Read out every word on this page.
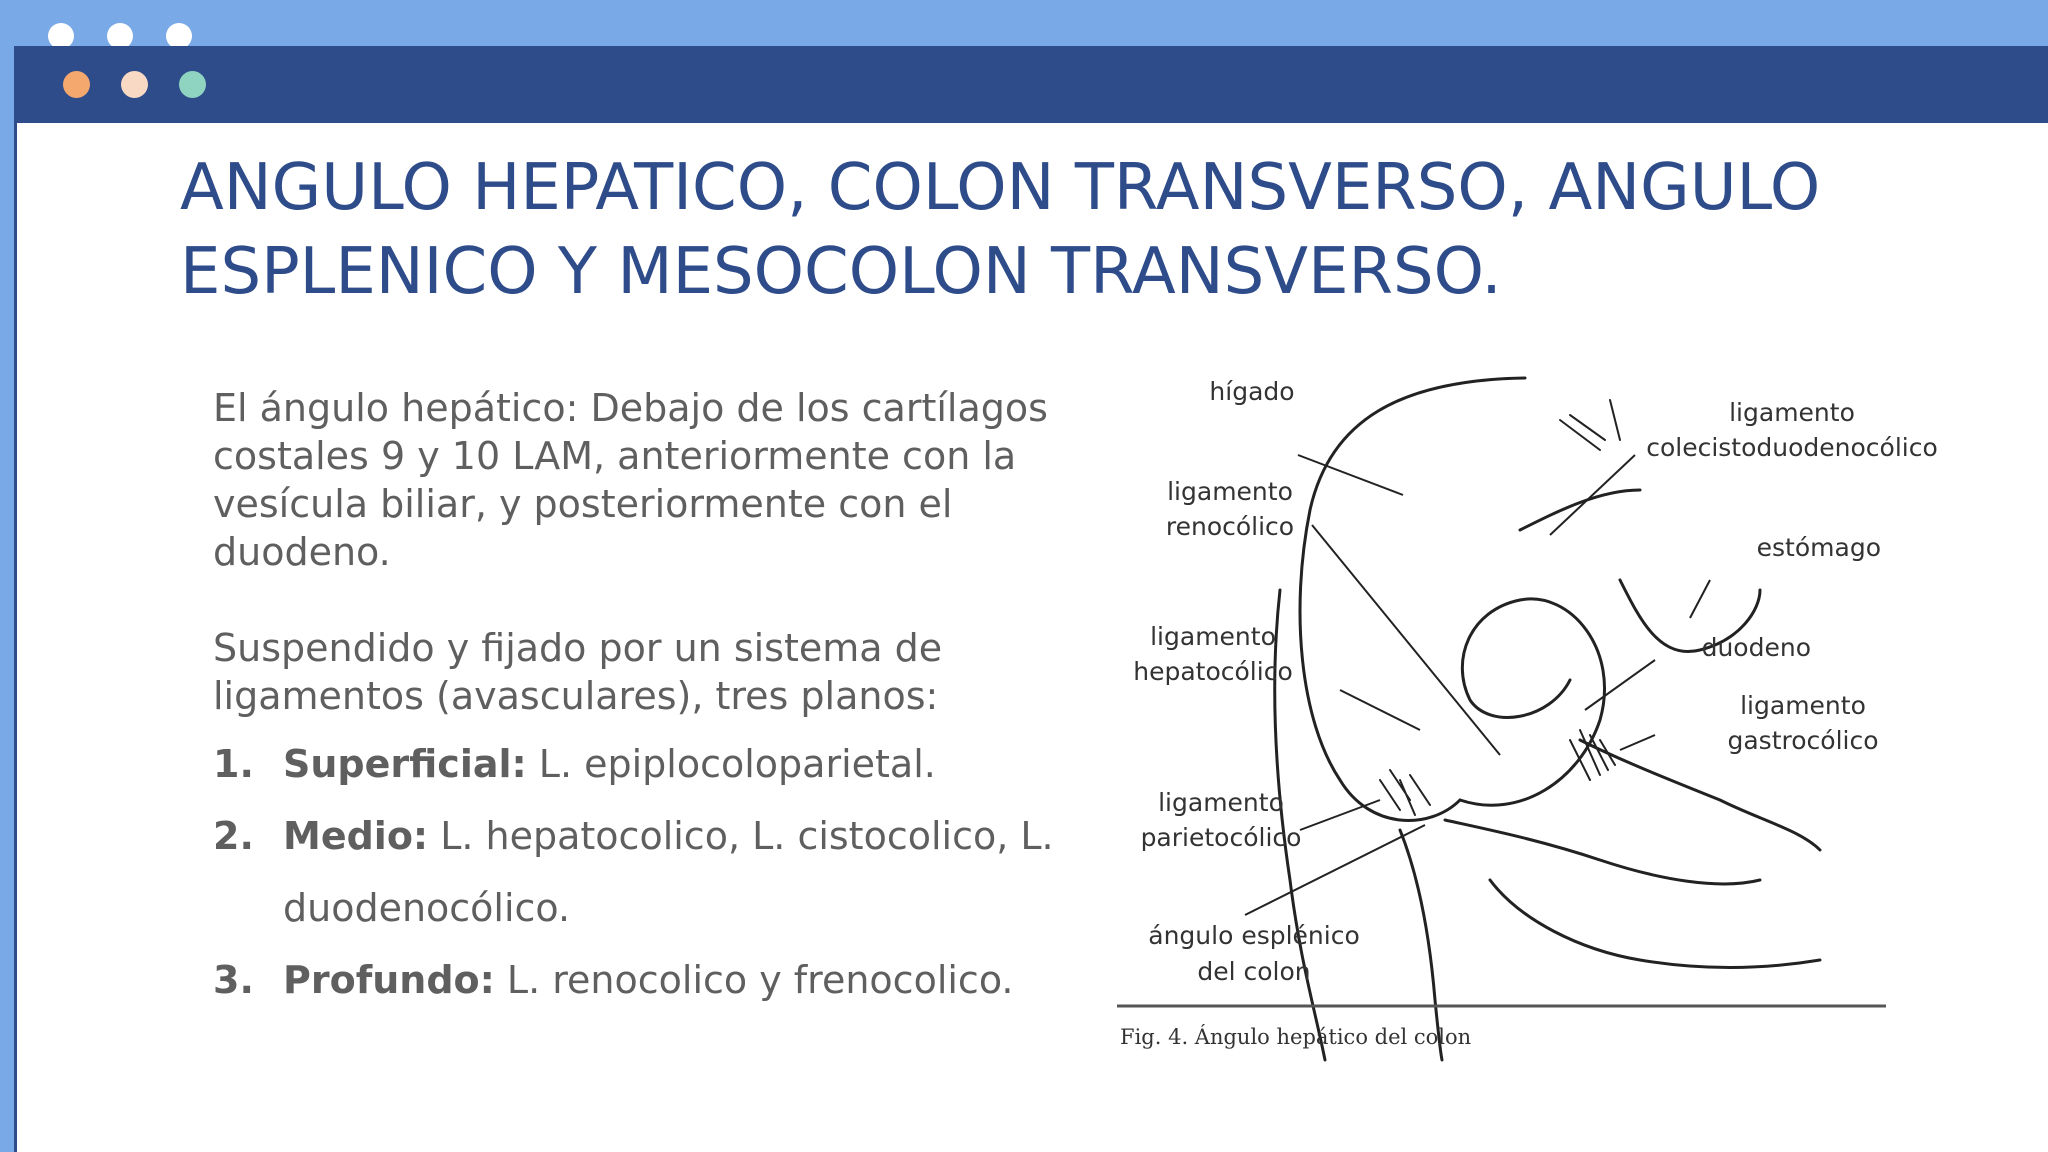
ANGULO HEPATICO, COLON TRANSVERSO, ANGULO ESPLENICO Y MESOCOLON TRANSVERSO.

El ángulo hepático: Debajo de los cartílagos costales 9 y 10 LAM, anteriormente con la vesícula biliar, y posteriormente con el duodeno.

Suspendido y fijado por un sistema de ligamentos (avasculares), tres planos:

1. Superficial: L. epiplocoloparietal.
2. Medio: L. hepatocolico, L. cistocolico, L. duodenocólico.
3. Profundo: L. renocolico y frenocolico.
hígado
ligamento
colecistoduodenocólico
ligamento
renocólico
estómago
ligamento
hepatocólico
duodeno
ligamento
gastrocólico
ligamento
parietocólico
ángulo esplénico
del colon
Fig. 4. Ángulo hepático del colon
